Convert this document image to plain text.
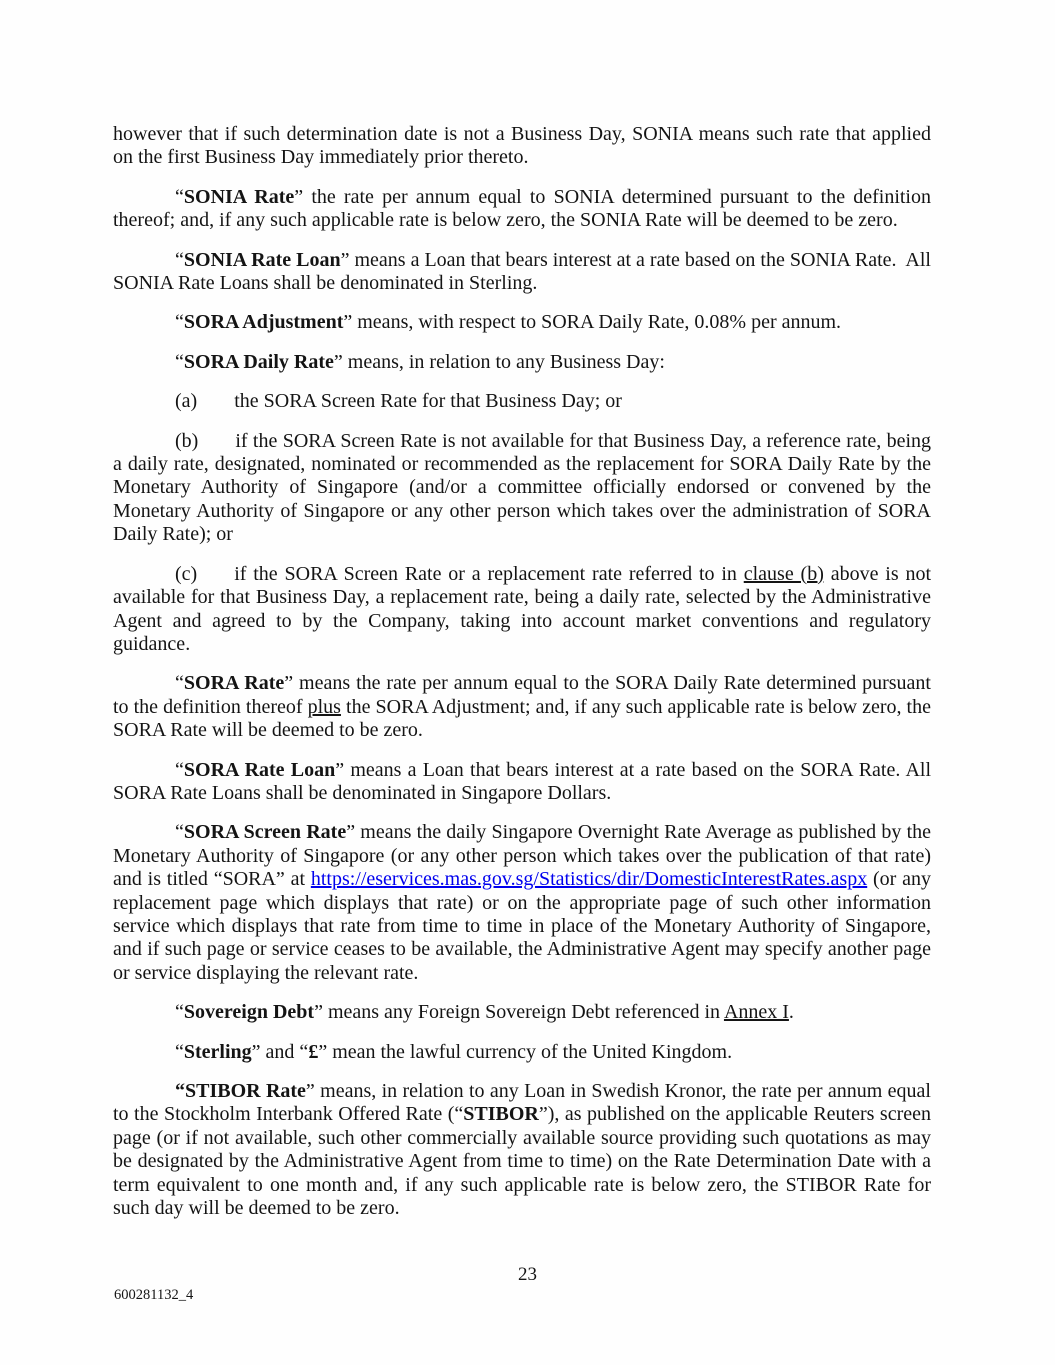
however that if such determination date is not a Business Day, SONIA means such rate that applied on the first Business Day immediately prior thereto.

“SONIA Rate” the rate per annum equal to SONIA determined pursuant to the definition thereof; and, if any such applicable rate is below zero, the SONIA Rate will be deemed to be zero.

“SONIA Rate Loan” means a Loan that bears interest at a rate based on the SONIA Rate.  All SONIA Rate Loans shall be denominated in Sterling.

“SORA Adjustment” means, with respect to SORA Daily Rate, 0.08% per annum.

“SORA Daily Rate” means, in relation to any Business Day:

(a) the SORA Screen Rate for that Business Day; or

(b) if the SORA Screen Rate is not available for that Business Day, a reference rate, being a daily rate, designated, nominated or recommended as the replacement for SORA Daily Rate by the Monetary Authority of Singapore (and/or a committee officially endorsed or convened by the Monetary Authority of Singapore or any other person which takes over the administration of SORA Daily Rate); or

(c) if the SORA Screen Rate or a replacement rate referred to in clause (b) above is not available for that Business Day, a replacement rate, being a daily rate, selected by the Administrative Agent and agreed to by the Company, taking into account market conventions and regulatory guidance.

“SORA Rate” means the rate per annum equal to the SORA Daily Rate determined pursuant to the definition thereof plus the SORA Adjustment; and, if any such applicable rate is below zero, the SORA Rate will be deemed to be zero.

“SORA Rate Loan” means a Loan that bears interest at a rate based on the SORA Rate. All SORA Rate Loans shall be denominated in Singapore Dollars.

“SORA Screen Rate” means the daily Singapore Overnight Rate Average as published by the Monetary Authority of Singapore (or any other person which takes over the publication of that rate) and is titled “SORA” at https://eservices.mas.gov.sg/Statistics/dir/DomesticInterestRates.aspx (or any replacement page which displays that rate) or on the appropriate page of such other information service which displays that rate from time to time in place of the Monetary Authority of Singapore, and if such page or service ceases to be available, the Administrative Agent may specify another page or service displaying the relevant rate.

“Sovereign Debt” means any Foreign Sovereign Debt referenced in Annex I.

“Sterling” and “£” mean the lawful currency of the United Kingdom.

“STIBOR Rate” means, in relation to any Loan in Swedish Kronor, the rate per annum equal to the Stockholm Interbank Offered Rate (“STIBOR”), as published on the applicable Reuters screen page (or if not available, such other commercially available source providing such quotations as may be designated by the Administrative Agent from time to time) on the Rate Determination Date with a term equivalent to one month and, if any such applicable rate is below zero, the STIBOR Rate for such day will be deemed to be zero.

23
600281132_4
